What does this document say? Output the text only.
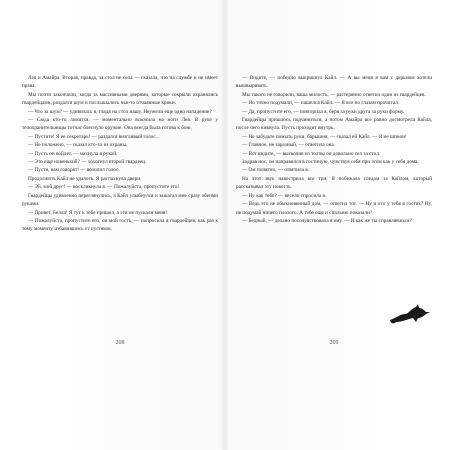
Лея и Амайра. Вторая, правда, за стол не села — сказала, что на службе и не имеет права.

Мы почти закончили, когда за массивными дверями, которые сокрыли охранялись гвардейцами, раздался шум и послышались чьи-то отчаянные крики.

— Что за шум? — удивилась я, глядя на стол нашу. Неужели еще одно нападение?

— Сюда кто-то ломится. — моментально вскочила на ноги Лея. В руке у телохранительницы тотчас блеснуло оружие. Она всегда была готова к бою.

— Пустите! Я ее секретарь! — раздался визгливый голос...

— Не положено, — сказал кто-то из охраны.

— Пусть он войдет, — махнула я рукой.

— Это еще новенький? — хохотнул второй гвардеец.

— Пусти, вам говорят! — возопил голос.

Продолжить Кайл не удалось. Я распахнула двери.

— Эй, мой друг! — воскликнула я. — Пожалуйста, пропустите его!

Гвардейцы удивленно переглянулись, а Кайл улыбнулся и зашагал мне сразу обеими руками.

— Привет, Белла! Я тут к тебе пришел, а эти не пускали меня!

— Пожалуйста, пропустите его, он мой гость, — попросила я гвардейцев, как раз к тому моменту избавившись от пустяков.

208

— Видите, — победно выкрикнул Кайл. — А вы меня я вам с дерьмом хотели вышвыривать.

Мы такого не говорили, ваша милость, — растерянно ответил один из гвардейцев.

— Но точно подумали, — нашелся Кайл. — Я все по глазам прочитал.

— Да, пропустите его, — повторила я, беря за руки друга за руки форму.

Гвардейцы пришлось подчиниться, а потом Амайра все равно досмотрела Кайла, после чего кивнула. Пусть проходит внутрь.

— Не забудьте помыть руки, барышня, — сказал ей Кайл. — Я не шпион!

— Главное, не заразный, — ответила она.

— Вот видите, — выскочив из толпы он довольно сел за стол.

Задрав нос, он направился в гостиную, чувствуя себя при этом как у себя дома.

— Ом понятно, — ответила я.

На этот звук навострила все три. Я побежала следом за Кайлом, который рассказывал эту новость.

— Ну как тебе? — весело спросила я.

— Ведь это не обыкновенный дом, — ответил тот. — Ну и кто у тебя в гостях? Ну, не подумай ничего плохого. А тебе еще и спальню показали?

— Бедный, — делано посочувствовала я ему. — И как же ты справляешься?

209
